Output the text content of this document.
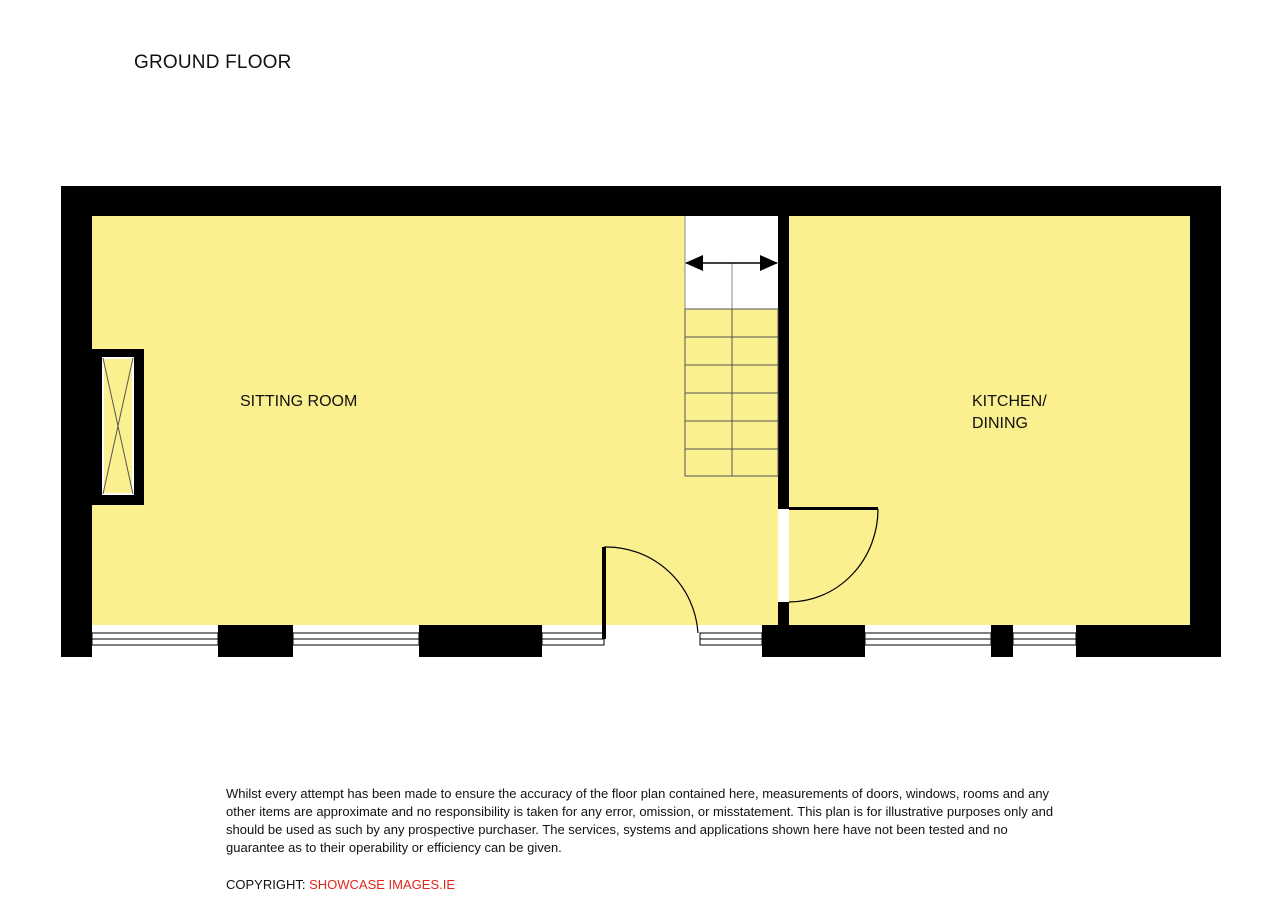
GROUND FLOOR
SITTING ROOM	KITCHEN/
DINING

Whilst every attempt has been made to ensure the accuracy of the floor plan contained here, measurements of doors, windows, rooms and any other items are approximate and no responsibility is taken for any error, omission, or misstatement. This plan is for illustrative purposes only and should be used as such by any prospective purchaser. The services, systems and applications shown here have not been tested and no guarantee as to their operability or efficiency can be given.

COPYRIGHT: SHOWCASE IMAGES.IE
